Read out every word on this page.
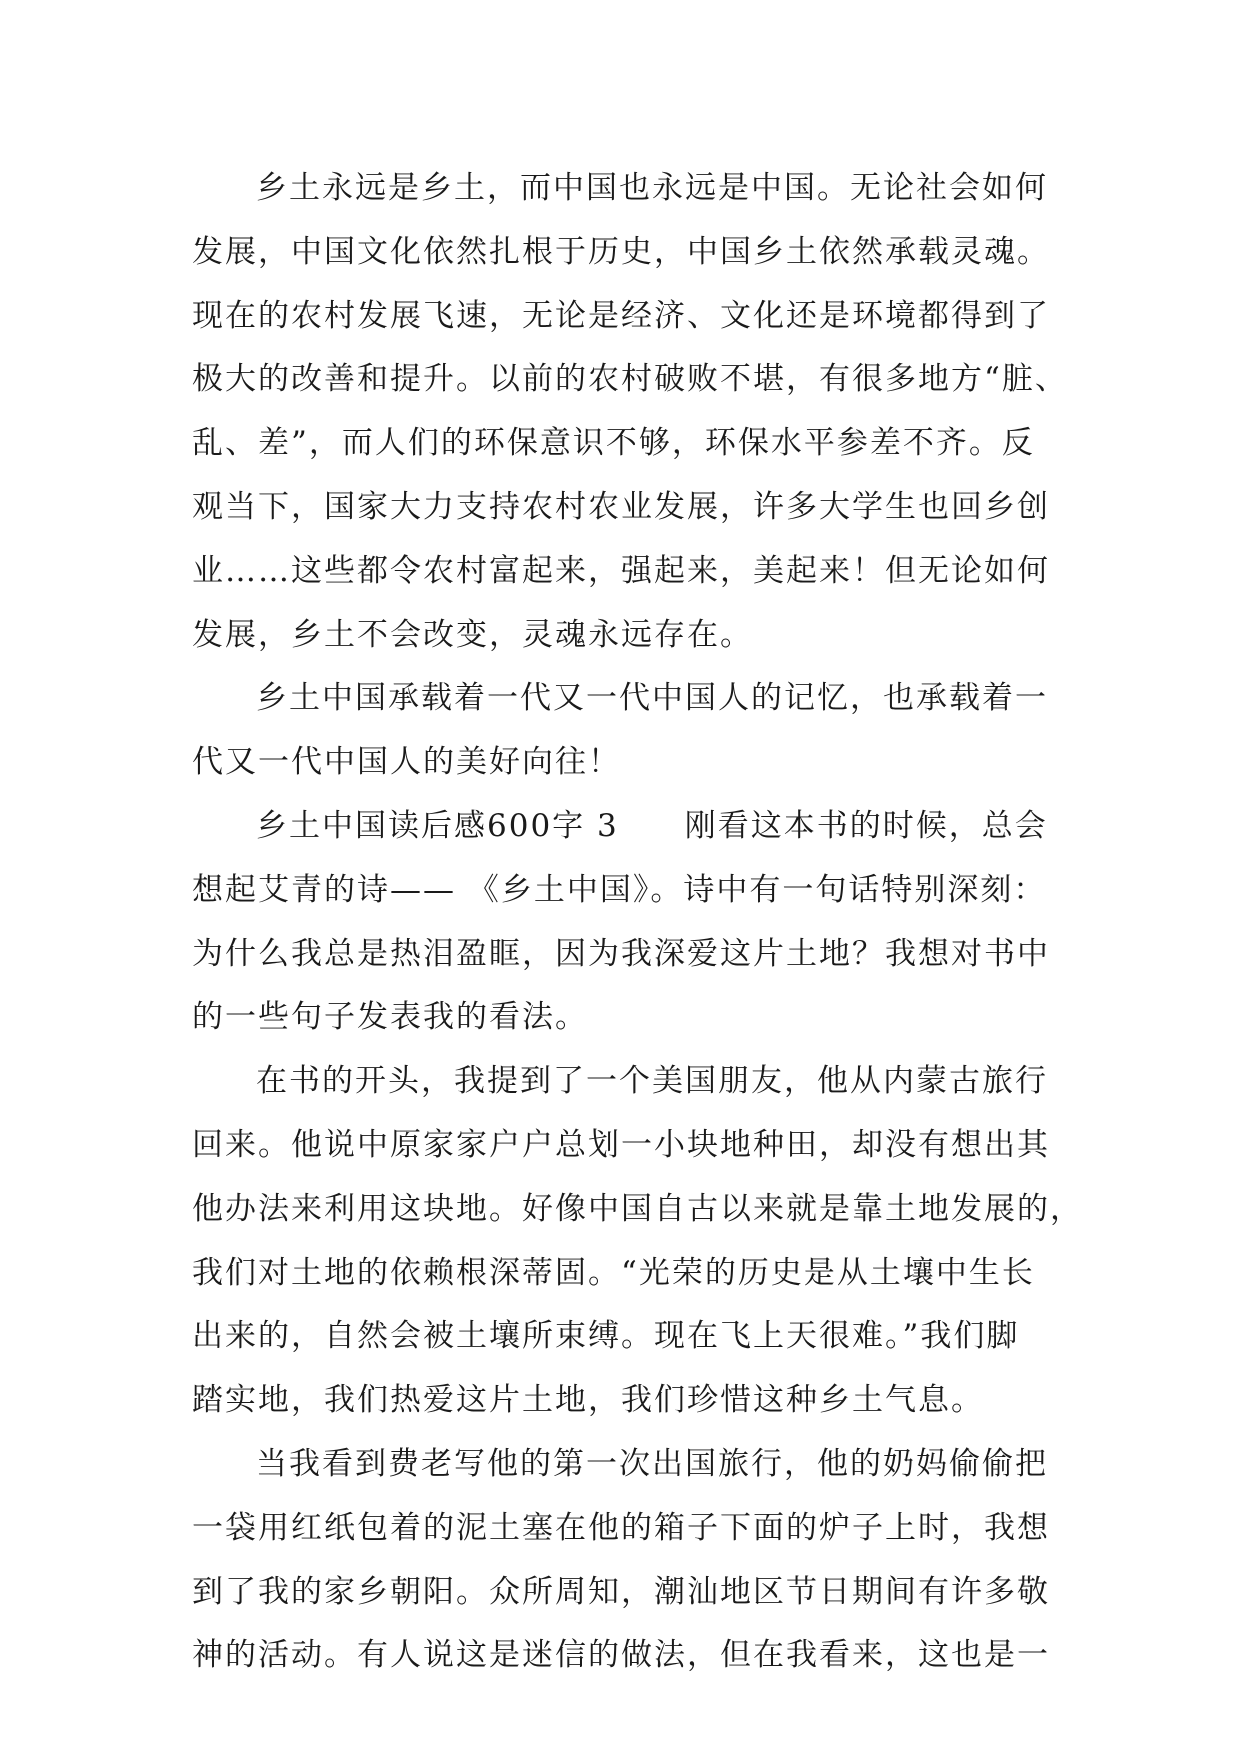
乡土永远是乡土，而中国也永远是中国。无论社会如何
发展，中国文化依然扎根于历史，中国乡土依然承载灵魂。
现在的农村发展飞速，无论是经济、文化还是环境都得到了
极大的改善和提升。以前的农村破败不堪，有很多地方“脏、
乱、差”，而人们的环保意识不够，环保水平参差不齐。反
观当下，国家大力支持农村农业发展，许多大学生也回乡创
业……这些都令农村富起来，强起来，美起来！但无论如何
发展，乡土不会改变，灵魂永远存在。
乡土中国承载着一代又一代中国人的记忆，也承载着一
代又一代中国人的美好向往！
乡土中国读后感600字 3　　刚看这本书的时候，总会
想起艾青的诗—— 《乡土中国》。诗中有一句话特别深刻：
为什么我总是热泪盈眶，因为我深爱这片土地？我想对书中
的一些句子发表我的看法。
在书的开头，我提到了一个美国朋友，他从内蒙古旅行
回来。他说中原家家户户总划一小块地种田，却没有想出其
他办法来利用这块地。好像中国自古以来就是靠土地发展的，
我们对土地的依赖根深蒂固。“光荣的历史是从土壤中生长
出来的，自然会被土壤所束缚。现在飞上天很难。”我们脚
踏实地，我们热爱这片土地，我们珍惜这种乡土气息。
当我看到费老写他的第一次出国旅行，他的奶妈偷偷把
一袋用红纸包着的泥土塞在他的箱子下面的炉子上时，我想
到了我的家乡朝阳。众所周知，潮汕地区节日期间有许多敬
神的活动。有人说这是迷信的做法，但在我看来，这也是一
